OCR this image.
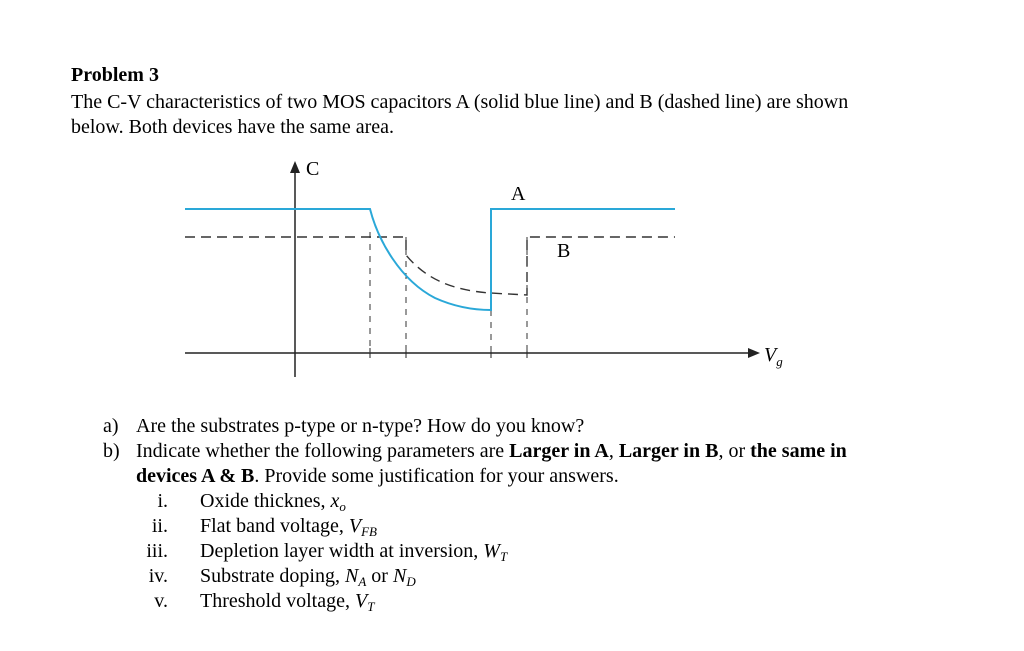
Problem 3
The C-V characteristics of two MOS capacitors A (solid blue line) and B (dashed line) are shown
below. Both devices have the same area.
C
A
B
$V_g$
a) Are the substrates p-type or n-type? How do you know?
b) Indicate whether the following parameters are Larger in A, Larger in B, or the same in
devices A & B. Provide some justification for your answers.
i. Oxide thicknes, $x_o$
ii. Flat band voltage, $V_{FB}$
iii. Depletion layer width at inversion, $W_T$
iv. Substrate doping, $N_A$ or $N_D$
v. Threshold voltage, $V_T$
